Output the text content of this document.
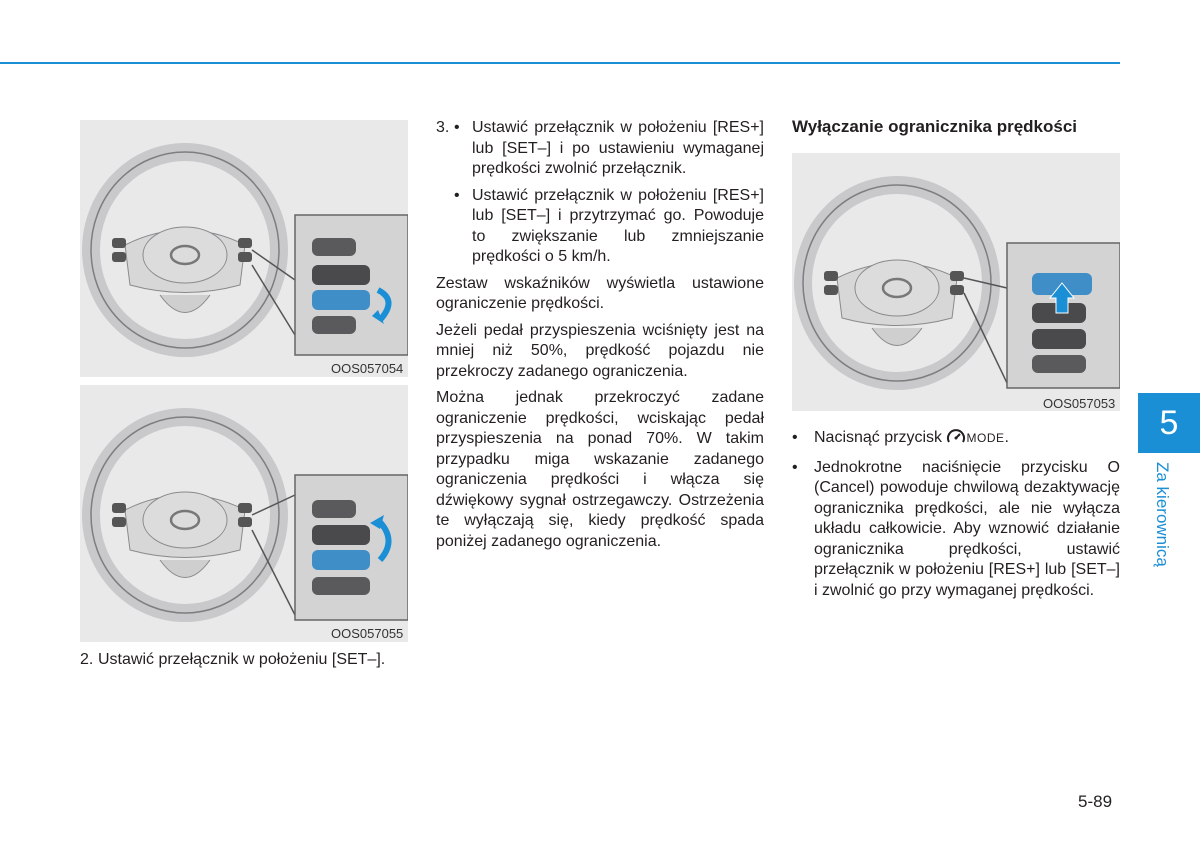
OOS057054
OOS057055
2. Ustawić przełącznik w położeniu [SET–].
3. • Ustawić przełącznik w położeniu [RES+] lub [SET–] i po ustawieniu wymaganej prędkości zwolnić przełącznik.

• Ustawić przełącznik w położeniu [RES+] lub [SET–] i przytrzymać go. Powoduje to zwiększanie lub zmniejszanie prędkości o 5 km/h.

Zestaw wskaźników wyświetla ustawione ograniczenie prędkości.

Jeżeli pedał przyspieszenia wciśnięty jest na mniej niż 50%, prędkość pojazdu nie przekroczy zadanego ograniczenia.

Można jednak przekroczyć zadane ograniczenie prędkości, wciskając pedał przyspieszenia na ponad 70%. W takim przypadku miga wskazanie zadanego ograniczenia prędkości i włącza się dźwiękowy sygnał ostrzegawczy. Ostrzeżenia te wyłączają się, kiedy prędkość spada poniżej zadanego ograniczenia.

Wyłączanie ogranicznika prędkości
OOS057053
•	Nacisnąć przycisk MODE.
•	Jednokrotne naciśnięcie przycisku O (Cancel) powoduje chwilową dezaktywację ogranicznika prędkości, ale nie wyłącza układu całkowicie. Aby wznowić działanie ogranicznika prędkości, ustawić przełącznik w położeniu [RES+] lub [SET–] i zwolnić go przy wymaganej prędkości.

5
Za kierownicą
5-89
